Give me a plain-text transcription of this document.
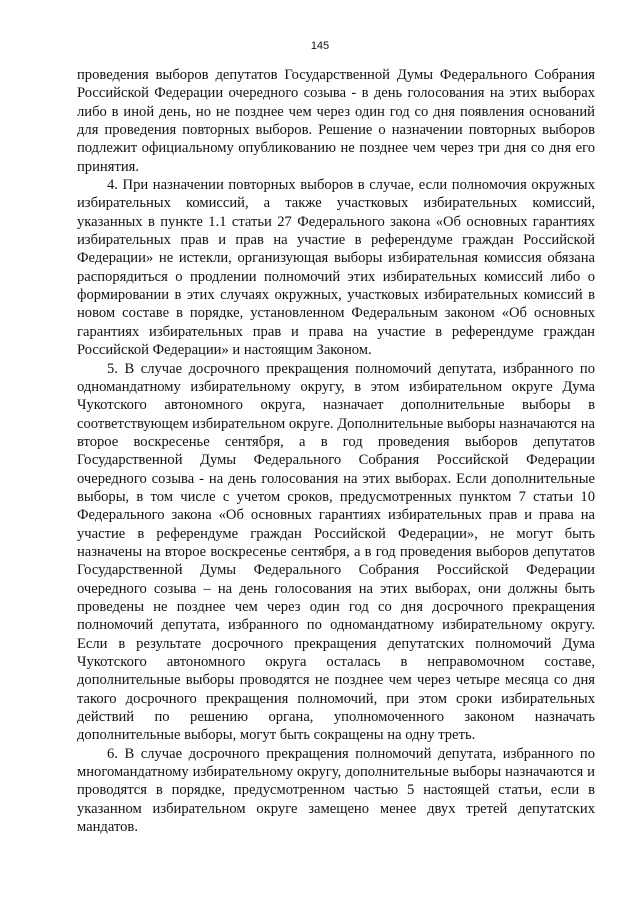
145

проведения выборов депутатов Государственной Думы Федерального Собрания Российской Федерации очередного созыва - в день голосования на этих выборах либо в иной день, но не позднее чем через один год со дня появления оснований для проведения повторных выборов. Решение о назначении повторных выборов подлежит официальному опубликованию не позднее чем через три дня со дня его принятия.

4. При назначении повторных выборов в случае, если полномочия окружных избирательных комиссий, а также участковых избирательных комиссий, указанных в пункте 1.1 статьи 27 Федерального закона «Об основных гарантиях избирательных прав и прав на участие в референдуме граждан Российской Федерации» не истекли, организующая выборы избирательная комиссия обязана распорядиться о продлении полномочий этих избирательных комиссий либо о формировании в этих случаях окружных, участковых избирательных комиссий в новом составе в порядке, установленном Федеральным законом «Об основных гарантиях избирательных прав и права на участие в референдуме граждан Российской Федерации» и настоящим Законом.

5. В случае досрочного прекращения полномочий депутата, избранного по одномандатному избирательному округу, в этом избирательном округе Дума Чукотского автономного округа, назначает дополнительные выборы в соответствующем избирательном округе. Дополнительные выборы назначаются на второе воскресенье сентября, а в год проведения выборов депутатов Государственной Думы Федерального Собрания Российской Федерации очередного созыва - на день голосования на этих выборах. Если дополнительные выборы, в том числе с учетом сроков, предусмотренных пунктом 7 статьи 10 Федерального закона «Об основных гарантиях избирательных прав и права на участие в референдуме граждан Российской Федерации», не могут быть назначены на второе воскресенье сентября, а в год проведения выборов депутатов Государственной Думы Федерального Собрания Российской Федерации очередного созыва – на день голосования на этих выборах, они должны быть проведены не позднее чем через один год со дня досрочного прекращения полномочий депутата, избранного по одномандатному избирательному округу. Если в результате досрочного прекращения депутатских полномочий Дума Чукотского автономного округа осталась в неправомочном составе, дополнительные выборы проводятся не позднее чем через четыре месяца со дня такого досрочного прекращения полномочий, при этом сроки избирательных действий по решению органа, уполномоченного законом назначать дополнительные выборы, могут быть сокращены на одну треть.

6. В случае досрочного прекращения полномочий депутата, избранного по многомандатному избирательному округу, дополнительные выборы назначаются и проводятся в порядке, предусмотренном частью 5 настоящей статьи, если в указанном избирательном округе замещено менее двух третей депутатских мандатов.
